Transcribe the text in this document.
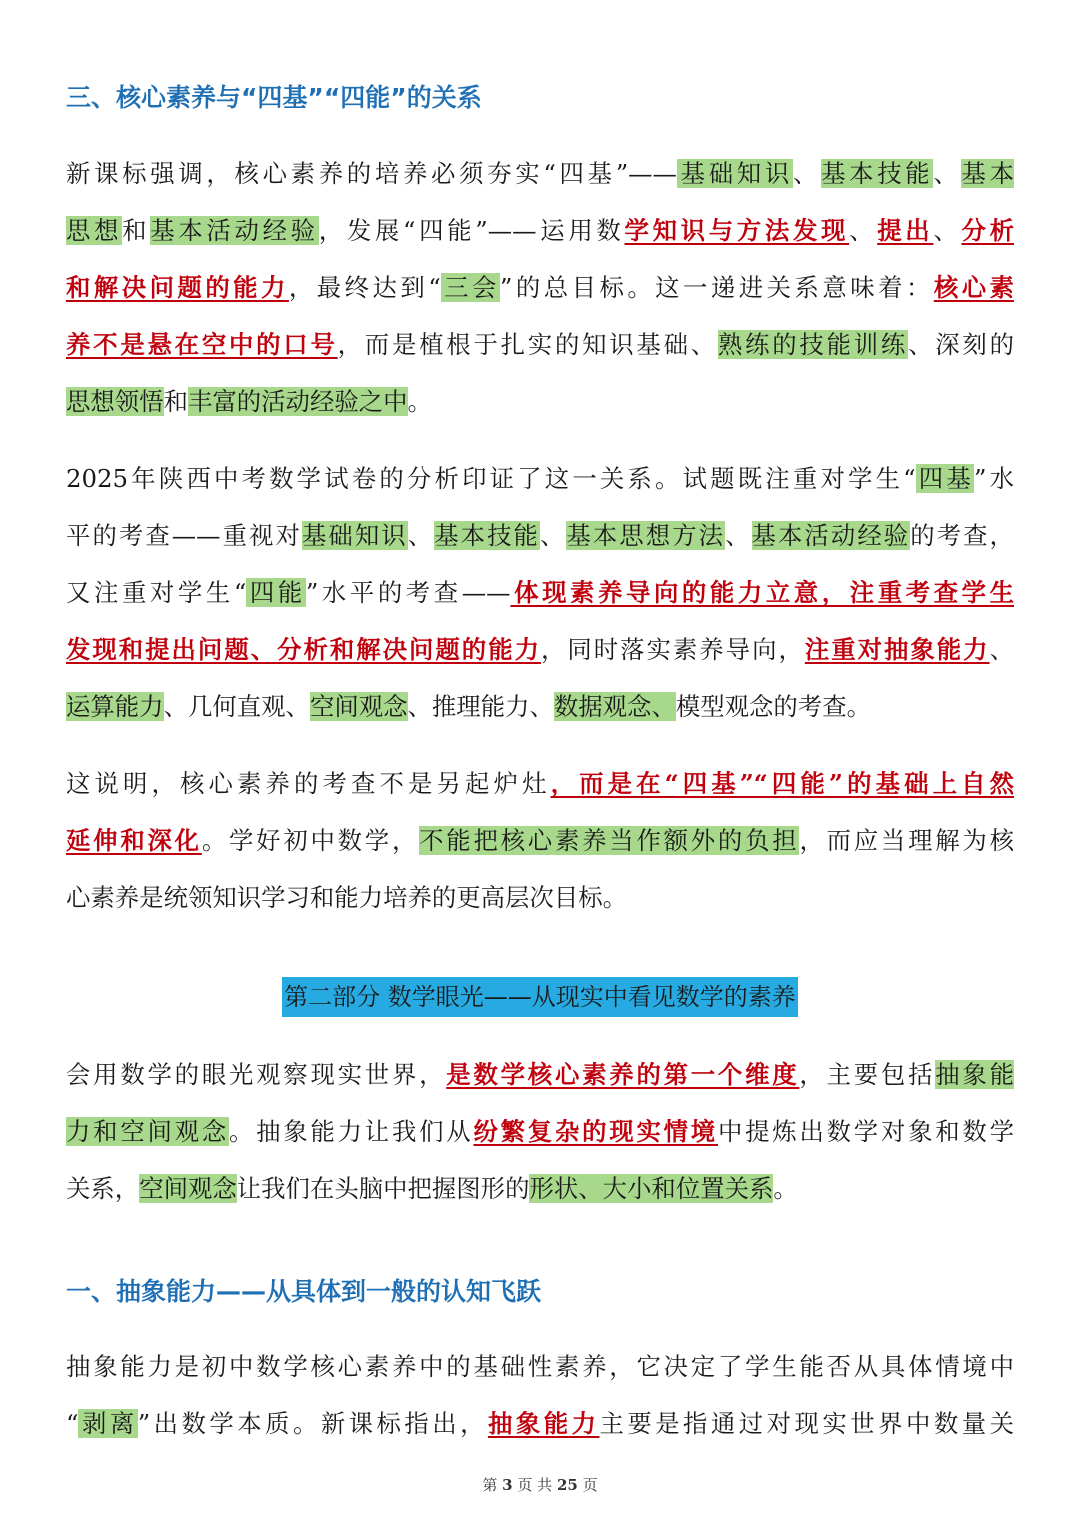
三、核心素养与“四基”“四能”的关系
新课标强调，核心素养的培养必须夯实“四基”——基础知识、基本技能、基本
思想和基本活动经验，发展“四能”——运用数学知识与方法发现、提出、分析
和解决问题的能力，最终达到“三会”的总目标。这一递进关系意味着：核心素
养不是悬在空中的口号，而是植根于扎实的知识基础、熟练的技能训练、深刻的
思想领悟和丰富的活动经验之中。
2025年陕西中考数学试卷的分析印证了这一关系。试题既注重对学生“四基”水
平的考查——重视对基础知识、基本技能、基本思想方法、基本活动经验的考查，
又注重对学生“四能”水平的考查——体现素养导向的能力立意，注重考查学生
发现和提出问题、分析和解决问题的能力，同时落实素养导向，注重对抽象能力、
运算能力、几何直观、空间观念、推理能力、数据观念、模型观念的考查。
这说明，核心素养的考查不是另起炉灶，而是在“四基”“四能”的基础上自然
延伸和深化。学好初中数学，不能把核心素养当作额外的负担，而应当理解为核
心素养是统领知识学习和能力培养的更高层次目标。
第二部分 数学眼光——从现实中看见数学的素养
会用数学的眼光观察现实世界，是数学核心素养的第一个维度，主要包括抽象能
力和空间观念。抽象能力让我们从纷繁复杂的现实情境中提炼出数学对象和数学
关系，空间观念让我们在头脑中把握图形的形状、大小和位置关系。
一、抽象能力——从具体到一般的认知飞跃
抽象能力是初中数学核心素养中的基础性素养，它决定了学生能否从具体情境中
“剥离”出数学本质。新课标指出，抽象能力主要是指通过对现实世界中数量关
第 3 页 共 25 页
